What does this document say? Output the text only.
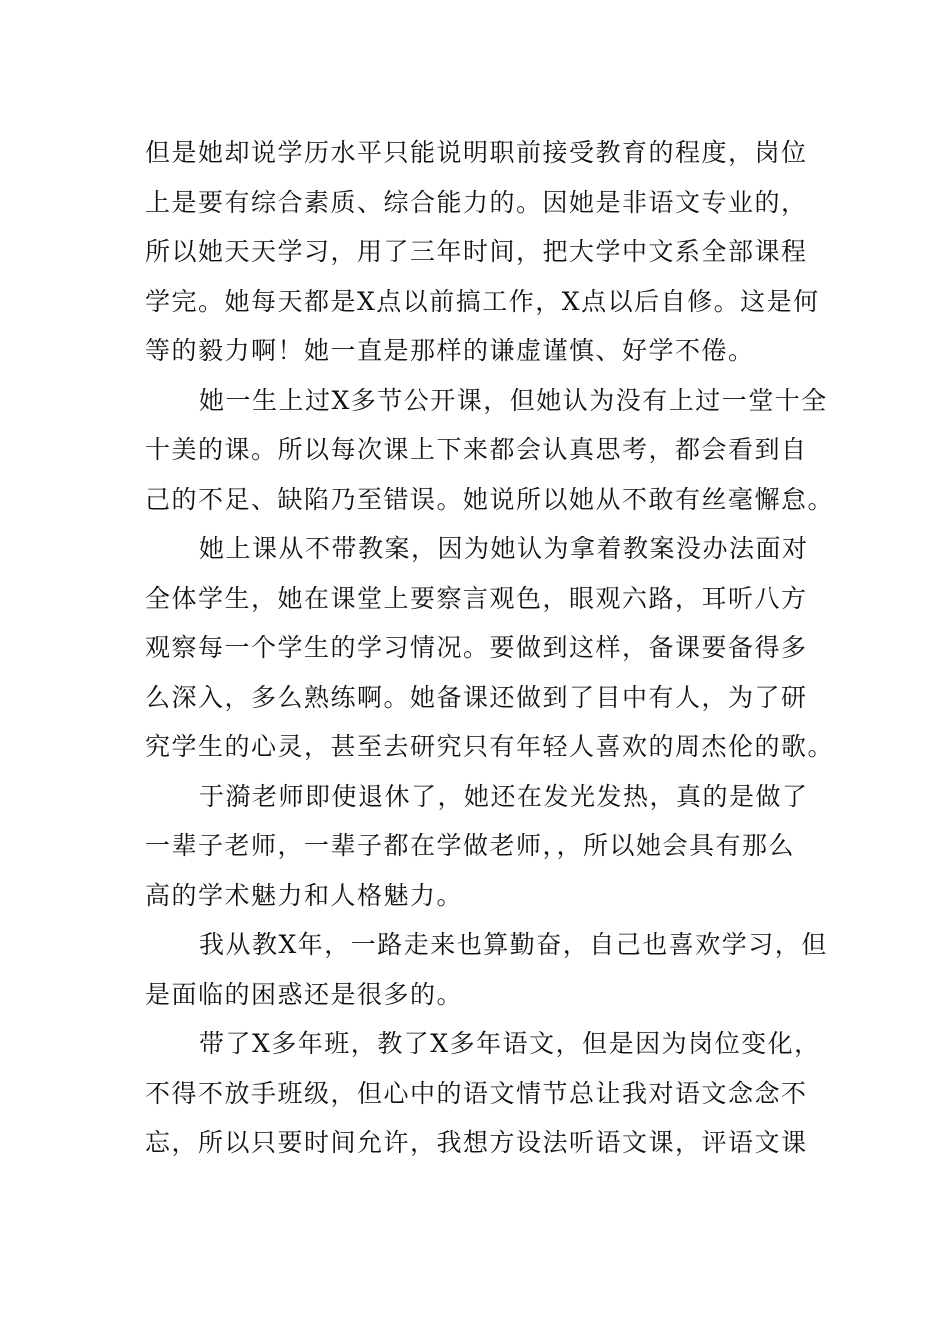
但是她却说学历水平只能说明职前接受教育的程度，岗位
上是要有综合素质、综合能力的。因她是非语文专业的，
所以她天天学习，用了三年时间，把大学中文系全部课程
学完。她每天都是X点以前搞工作，X点以后自修。这是何
等的毅力啊！她一直是那样的谦虚谨慎、好学不倦。
她一生上过X多节公开课，但她认为没有上过一堂十全
十美的课。所以每次课上下来都会认真思考，都会看到自
己的不足、缺陷乃至错误。她说所以她从不敢有丝毫懈怠。
她上课从不带教案，因为她认为拿着教案没办法面对
全体学生，她在课堂上要察言观色，眼观六路，耳听八方
观察每一个学生的学习情况。要做到这样，备课要备得多
么深入，多么熟练啊。她备课还做到了目中有人，为了研
究学生的心灵，甚至去研究只有年轻人喜欢的周杰伦的歌。
于漪老师即使退休了，她还在发光发热，真的是做了
一辈子老师，一辈子都在学做老师，，所以她会具有那么
高的学术魅力和人格魅力。
我从教X年，一路走来也算勤奋，自己也喜欢学习，但
是面临的困惑还是很多的。
带了X多年班，教了X多年语文，但是因为岗位变化，
不得不放手班级，但心中的语文情节总让我对语文念念不
忘，所以只要时间允许，我想方设法听语文课，评语文课
